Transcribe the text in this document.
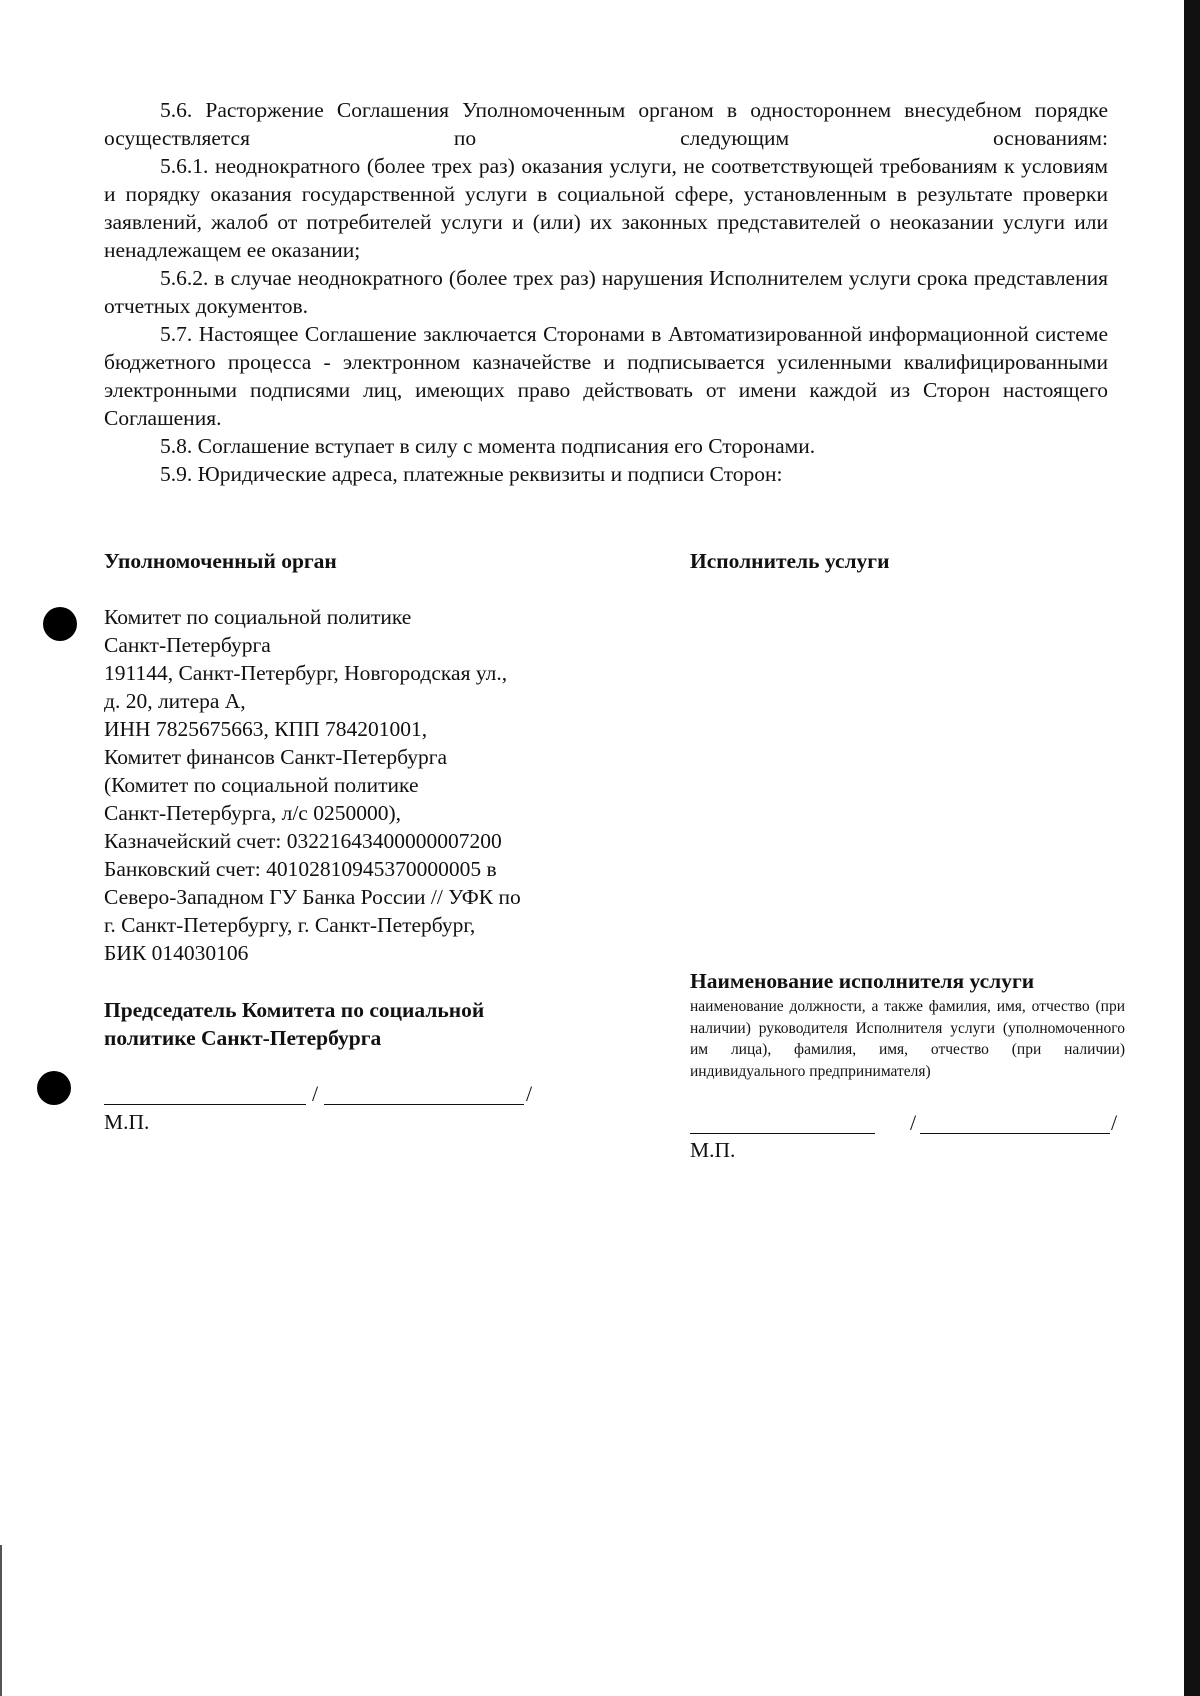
5.6. Расторжение Соглашения Уполномоченным органом в одностороннем внесудебном порядке осуществляется по следующим основаниям:

5.6.1. неоднократного (более трех раз) оказания услуги, не соответствующей требованиям к условиям и порядку оказания государственной услуги в социальной сфере, установленным в результате проверки заявлений, жалоб от потребителей услуги и (или) их законных представителей о неоказании услуги или ненадлежащем ее оказании;

5.6.2. в случае неоднократного (более трех раз) нарушения Исполнителем услуги срока представления отчетных документов.

5.7. Настоящее Соглашение заключается Сторонами в Автоматизированной информационной системе бюджетного процесса - электронном казначействе и подписывается усиленными квалифицированными электронными подписями лиц, имеющих право действовать от имени каждой из Сторон настоящего Соглашения.

5.8. Соглашение вступает в силу с момента подписания его Сторонами.

5.9. Юридические адреса, платежные реквизиты и подписи Сторон:

Уполномоченный орган	Исполнитель услуги
Комитет по социальной политике
Санкт-Петербурга
191144, Санкт-Петербург, Новгородская ул.,
д. 20, литера А,
ИНН 7825675663, КПП 784201001,
Комитет финансов Санкт-Петербурга
(Комитет по социальной политике
Санкт-Петербурга, л/с 0250000),
Казначейский счет: 03221643400000007200
Банковский счет: 40102810945370000005 в
Северо-Западном ГУ Банка России // УФК по
г. Санкт-Петербургу, г. Санкт-Петербург,
БИК 014030106
Председатель Комитета по социальной политике Санкт-Петербурга
/	/
М.П.
Наименование исполнителя услуги
наименование должности, а также фамилия, имя, отчество (при наличии) руководителя Исполнителя услуги (уполномоченного им лица), фамилия, имя, отчество (при наличии) индивидуального предпринимателя)
/	/
М.П.
